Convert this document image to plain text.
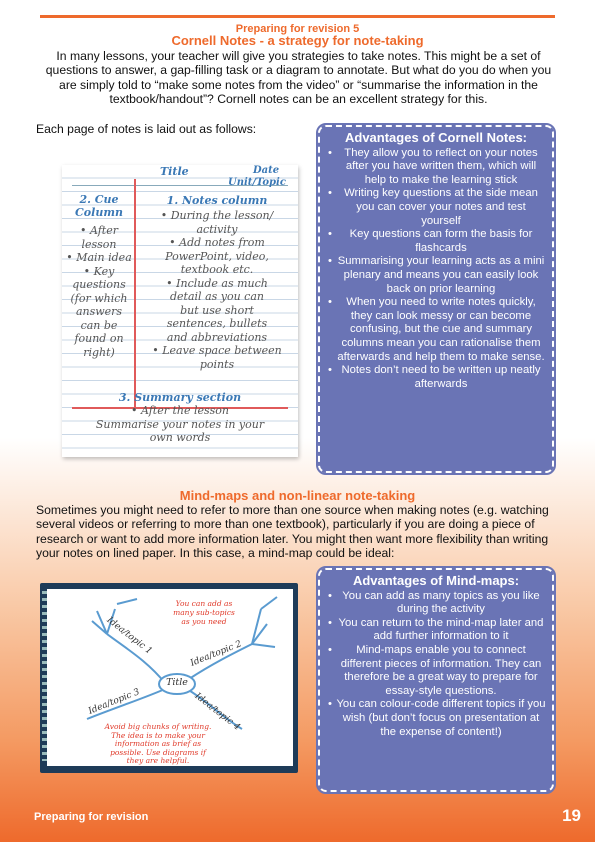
Preparing for revision 5
Cornell Notes - a strategy for note-taking
In many lessons, your teacher will give you strategies to take notes. This might be a set of questions to answer, a gap-filling task or a diagram to annotate. But what do you do when you are simply told to “make some notes from the video” or “summarise the information in the textbook/handout”? Cornell notes can be an excellent strategy for this.
Each page of notes is laid out as follows:
Title	Date
Unit/Topic
2. Cue
Column
• After
lesson
• Main idea
• Key
questions
(for which
answers
can be
found on
right)
1. Notes column
• During the lesson/
activity
• Add notes from
PowerPoint, video,
textbook etc.
• Include as much
detail as you can
but use short
sentences, bullets
and abbreviations
• Leave space between
points
3. Summary section
• After the lesson
Summarise your notes in your
own words
Advantages of Cornell Notes:
• They allow you to reflect on your notes after you have written them, which will help to make the learning stick
• Writing key questions at the side mean you can cover your notes and test yourself
• Key questions can form the basis for flashcards
• Summarising your learning acts as a mini plenary and means you can easily look back on prior learning
• When you need to write notes quickly, they can look messy or can become confusing, but the cue and summary columns mean you can rationalise them afterwards and help them to make sense.
• Notes don’t need to be written up neatly afterwards
Mind-maps and non-linear note-taking
Sometimes you might need to refer to more than one source when making notes (e.g. watching several videos or referring to more than one textbook), particularly if you are doing a piece of research or want to add more information later. You might then want more flexibility than writing your notes on lined paper. In this case, a mind-map could be ideal:
Title
Idea/topic 1	Idea/topic 2
Idea/topic 3	Idea/topic 4
You can add as
many sub-topics
as you need
Avoid big chunks of writing.
The idea is to make your
information as brief as
possible. Use diagrams if
they are helpful.
Advantages of Mind-maps:
• You can add as many topics as you like during the activity
• You can return to the mind-map later and add further information to it
• Mind-maps enable you to connect different pieces of information. They can therefore be a great way to prepare for essay-style questions.
• You can colour-code different topics if you wish (but don’t focus on presentation at the expense of content!)
Preparing for revision	19
